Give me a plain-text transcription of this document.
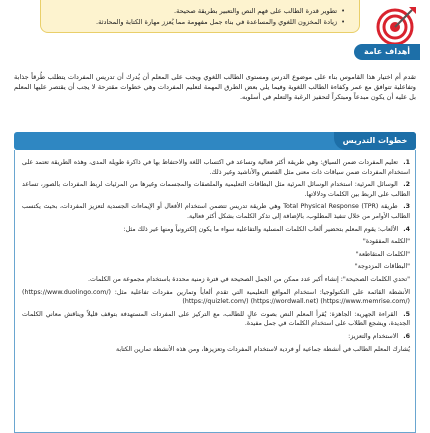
• تطوير قدرة الطالب على فهم النص والتعبير بطريقة صحيحة.
• زيادة المخزون اللغوي والمساعدة في بناء جمل مفهومة مما يُعزز مهارة الكتابة والمحادثة.
أهداف عامة
تقدم أم اختيار هذا القاموس بناء على موضوع الدرس ومستوى الطالب اللغوي ويجب على المعلم أن يُدرك أن تدريس المفردات يتطلب طُرقاً جذابة وتفاعلية تتوافق مع عمر وكفاءة الطالب اللغوية وفيما يلي بعض الطرق المهمة لتعليم المفردات وهي خطوات مقترحة لا يجب أن يقتصر عليها المعلم بل عليه أن يكون مبدعاً ومبتكراً لتحفيز الرغبة والتعلم في أسلوبه.
خطوات التدريس

1. تعليم المفردات ضمن السياق: وهي طريقة أكثر فعالية وتساعد في اكتساب اللغة والاحتفاظ بها في ذاكرة طويلة المدى، وهذه الطريقة تعتمد على استخدام المفردات ضمن سياقات ذات معنى مثل القصص والأناشيد وغير ذلك.

2. الوسائل المرئية: استخدام الوسائل المرئية مثل البطاقات التعليمية والملصقات والمجسمات وغيرها من المرئيات لربط المفردات بالصور، تساعد الطالب على الربط بين الكلمات ودلالاتها.

3. طريقة (TPR) Total Physical Response وهي طريقة تدريس تتضمن استخدام الأفعال أو الإيماءات الجسدية لتعزيز المفردات، بحيث يكتسب الطالب الأوامر من خلال تنفيذ المطلوب، بالإضافة إلى تذكر الكلمات بشكل أكثر فعالية.

4. الألعاب: يقوم المعلم بتحضير ألعاب الكلمات المسلية والتفاعلية سواء ما يكون إلكترونياً ومنها غير ذلك مثل:

"الكلمة المفقودة"

"الكلمات المتقاطعة"

"البطاقات المزدوجة"

"تحدي الكلمات الصحيحة": إنشاء أكبر عدد ممكن من الجمل الصحيحة في فترة زمنية محددة باستخدام مجموعة من الكلمات.

الأنشطة القائمة على التكنولوجيا: استخدام المواقع التعليمية التي تقدم ألعاباً وتمارين مفردات تفاعلية مثل: (https://www.duolingo.com/) (https://quizlet.com/) (https://wordwall.net) (https://www.memrise.com/)

5. القراءة الجهرية: الجاهزة: يُقرأ المعلم النص بصوت عالٍ للطالب، مع التركيز على المفردات المستهدفة بتوقف قليلاً ويناقش معاني الكلمات الجديدة، ويشجع الطلاب على استخدام الكلمات في جمل مفيدة.

6. الاستخدام والتعزيز:

يُشارك المعلم الطالب في أنشطة جماعية أو فردية لاستخدام المفردات وتعزيزها، ومن هذه الأنشطة تمارين الكتابة
